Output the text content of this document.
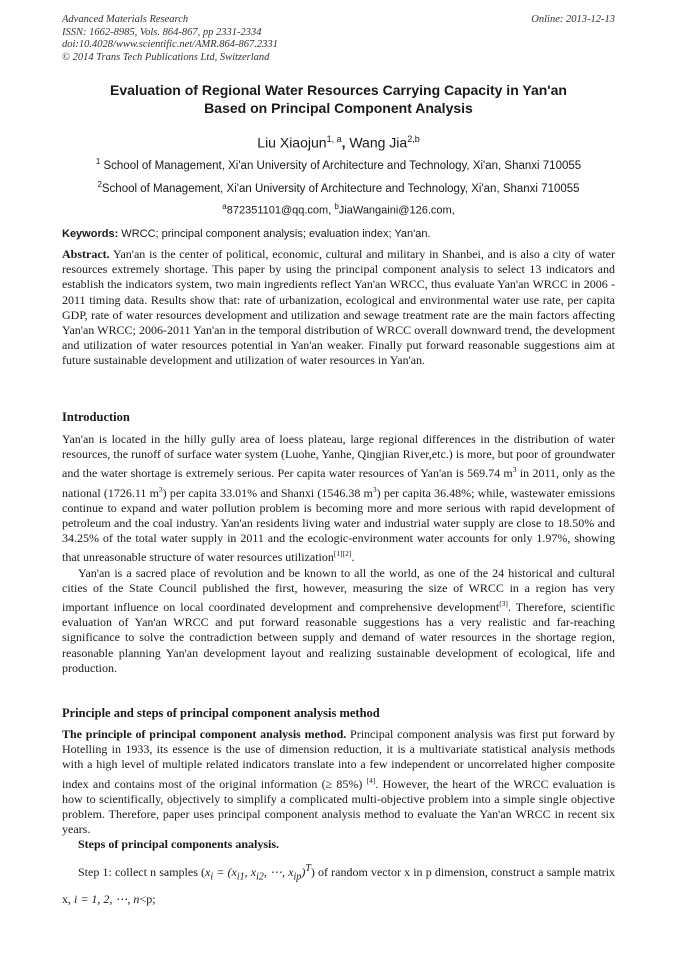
Advanced Materials Research
ISSN: 1662-8985, Vols. 864-867, pp 2331-2334
doi:10.4028/www.scientific.net/AMR.864-867.2331
© 2014 Trans Tech Publications Ltd, Switzerland
Online: 2013-12-13
Evaluation of Regional Water Resources Carrying Capacity in Yan'an
Based on Principal Component Analysis
Liu Xiaojun$^{1, a}$, Wang Jia$^{2,b}$
$^1$ School of Management, Xi'an University of Architecture and Technology, Xi'an, Shanxi 710055
$^2$School of Management, Xi'an University of Architecture and Technology, Xi'an, Shanxi 710055
$^a$872351101@qq.com, $^b$JiaWangaini@126.com,
Keywords: WRCC; principal component analysis; evaluation index; Yan'an.

Abstract. Yan'an is the center of political, economic, cultural and military in Shanbei, and is also a city of water resources extremely shortage. This paper by using the principal component analysis to select 13 indicators and establish the indicators system, two main ingredients reflect Yan'an WRCC, thus evaluate Yan'an WRCC in 2006 - 2011 timing data. Results show that: rate of urbanization, ecological and environmental water use rate, per capita GDP, rate of water resources development and utilization and sewage treatment rate are the main factors affecting Yan'an WRCC; 2006-2011 Yan'an in the temporal distribution of WRCC overall downward trend, the development and utilization of water resources potential in Yan'an weaker. Finally put forward reasonable suggestions aim at future sustainable development and utilization of water resources in Yan'an.

Introduction

Yan'an is located in the hilly gully area of loess plateau, large regional differences in the distribution of water resources, the runoff of surface water system (Luohe, Yanhe, Qingjian River,etc.) is more, but poor of groundwater and the water shortage is extremely serious. Per capita water resources of Yan'an is 569.74 $m^3$ in 2011, only as the national (1726.11 $m^3$) per capita 33.01% and Shanxi (1546.38 $m^3$) per capita 36.48%; while, wastewater emissions continue to expand and water pollution problem is becoming more and more serious with rapid development of petroleum and the coal industry. Yan'an residents living water and industrial water supply are close to 18.50% and 34.25% of the total water supply in 2011 and the ecologic-environment water accounts for only 1.97%, showing that unreasonable structure of water resources utilization[1][2].

Yan'an is a sacred place of revolution and be known to all the world, as one of the 24 historical and cultural cities of the State Council published the first, however, measuring the size of WRCC in a region has very important influence on local coordinated development and comprehensive development[3]. Therefore, scientific evaluation of Yan'an WRCC and put forward reasonable suggestions has a very realistic and far-reaching significance to solve the contradiction between supply and demand of water resources in the shortage region, reasonable planning Yan'an development layout and realizing sustainable development of ecological, life and production.

Principle and steps of principal component analysis method

The principle of principal component analysis method. Principal component analysis was first put forward by Hotelling in 1933, its essence is the use of dimension reduction, it is a multivariate statistical analysis methods with a high level of multiple related indicators translate into a few independent or uncorrelated higher composite index and contains most of the original information (≥ 85%) [4]. However, the heart of the WRCC evaluation is how to scientifically, objectively to simplify a complicated multi-objective problem into a simple single objective problem. Therefore, paper uses principal component analysis method to evaluate the Yan'an WRCC in recent six years.

Steps of principal components analysis.

Step 1: collect n samples ($x_i = (x_{i1}$, $x_{i2}$, ⋯, $x_{ip})^T$) of random vector x in p dimension, construct a sample matrix x, i = 1, 2, ⋯, n<p;
